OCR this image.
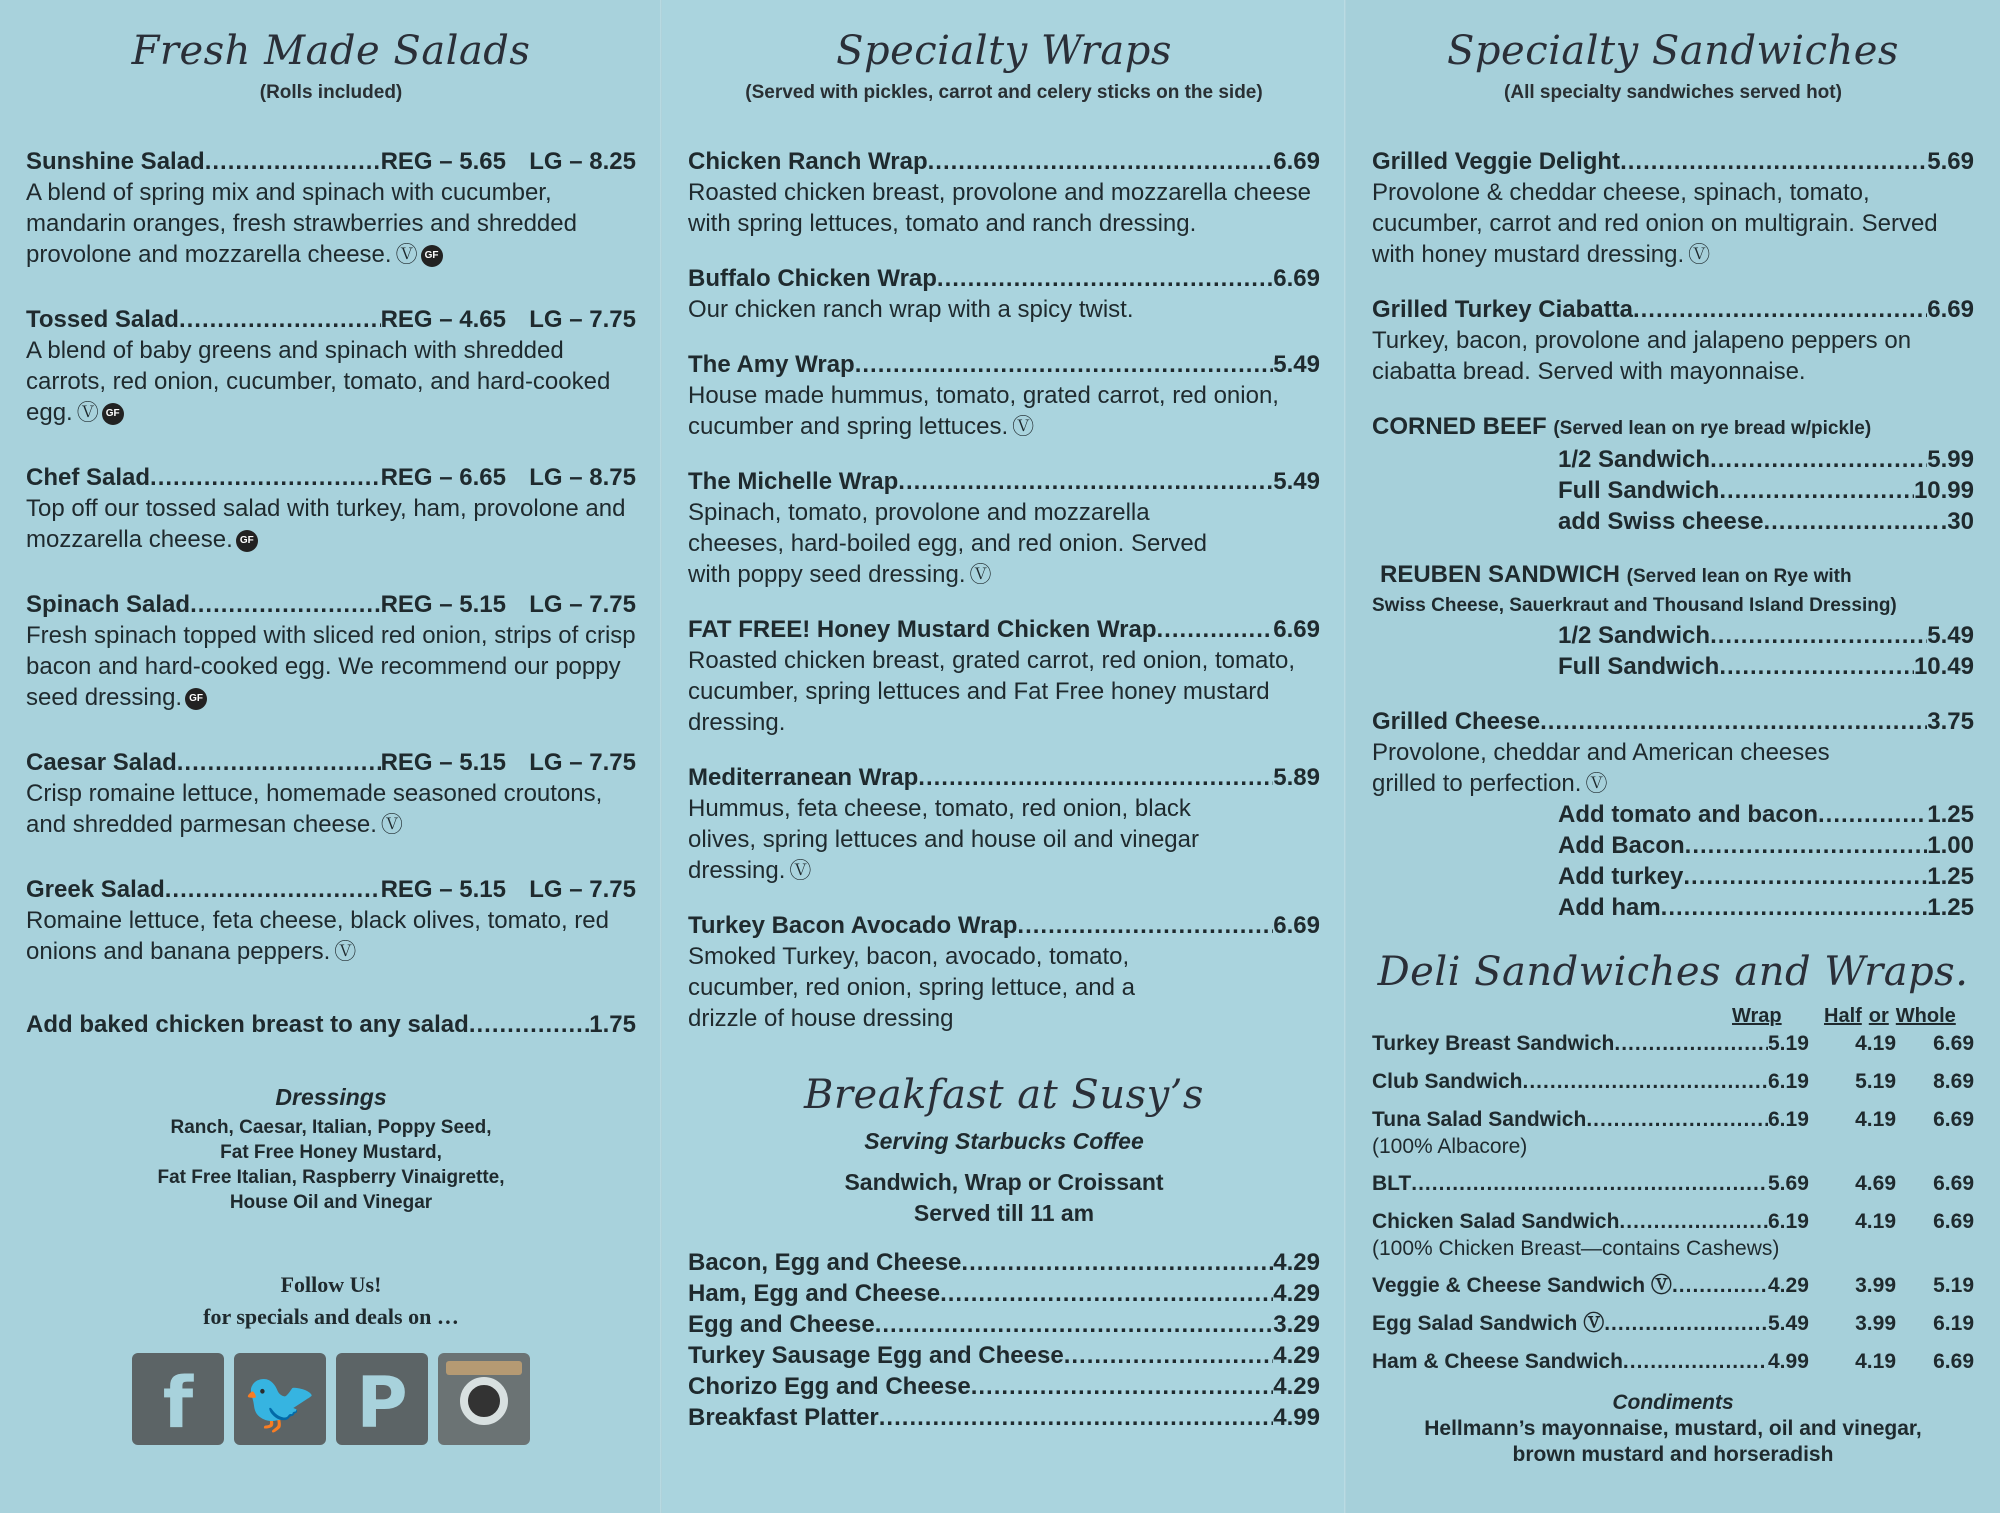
Fresh Made Salads
(Rolls included)
Sunshine Salad .....	REG – 5.65 LG – 8.25
A blend of spring mix and spinach with cucumber, mandarin oranges, fresh strawberries and shredded provolone and mozzarella cheese. Ⓥ GF
Tossed Salad .....	REG – 4.65 LG – 7.75
A blend of baby greens and spinach with shredded carrots, red onion, cucumber, tomato, and hard-cooked egg. Ⓥ GF
Chef Salad .....	REG – 6.65 LG – 8.75
Top off our tossed salad with turkey, ham, provolone and mozzarella cheese. GF
Spinach Salad .....	REG – 5.15 LG – 7.75
Fresh spinach topped with sliced red onion, strips of crisp bacon and hard-cooked egg. We recommend our poppy seed dressing. GF
Caesar Salad .....	REG – 5.15 LG – 7.75
Crisp romaine lettuce, homemade seasoned croutons, and shredded parmesan cheese. Ⓥ
Greek Salad .....	REG – 5.15 LG – 7.75
Romaine lettuce, feta cheese, black olives, tomato, red onions and banana peppers. Ⓥ
Add baked chicken breast to any salad .....	1.75
Dressings
Ranch, Caesar, Italian, Poppy Seed,
Fat Free Honey Mustard,
Fat Free Italian, Raspberry Vinaigrette,
House Oil and Vinegar
Follow Us!
for specials and deals on …
f 🐦 P
Specialty Wraps
(Served with pickles, carrot and celery sticks on the side)
Chicken Ranch Wrap .....	6.69
Roasted chicken breast, provolone and mozzarella cheese with spring lettuces, tomato and ranch dressing.
Buffalo Chicken Wrap .....	6.69
Our chicken ranch wrap with a spicy twist.
The Amy Wrap .....	5.49
House made hummus, tomato, grated carrot, red onion, cucumber and spring lettuces. Ⓥ
The Michelle Wrap .....	5.49
Spinach, tomato, provolone and mozzarella cheeses, hard-boiled egg, and red onion. Served with poppy seed dressing. Ⓥ
FAT FREE! Honey Mustard Chicken Wrap .....	6.69
Roasted chicken breast, grated carrot, red onion, tomato, cucumber, spring lettuces and Fat Free honey mustard dressing.
Mediterranean Wrap .....	5.89
Hummus, feta cheese, tomato, red onion, black olives, spring lettuces and house oil and vinegar dressing. Ⓥ
Turkey Bacon Avocado Wrap .....	6.69
Smoked Turkey, bacon, avocado, tomato, cucumber, red onion, spring lettuce, and a drizzle of house dressing
Breakfast at Susy’s
Serving Starbucks Coffee
Sandwich, Wrap or Croissant
Served till 11 am
Bacon, Egg and Cheese .....	4.29
Ham, Egg and Cheese .....	4.29
Egg and Cheese .....	3.29
Turkey Sausage Egg and Cheese .....	4.29
Chorizo Egg and Cheese .....	4.29
Breakfast Platter .....	4.99
Specialty Sandwiches
(All specialty sandwiches served hot)
Grilled Veggie Delight .....	5.69
Provolone & cheddar cheese, spinach, tomato, cucumber, carrot and red onion on multigrain. Served with honey mustard dressing. Ⓥ
Grilled Turkey Ciabatta .....	6.69
Turkey, bacon, provolone and jalapeno peppers on ciabatta bread. Served with mayonnaise.
CORNED BEEF (Served lean on rye bread w/pickle)
1/2 Sandwich .....	5.99
Full Sandwich .....	10.99
add Swiss cheese .....	.30
REUBEN SANDWICH (Served lean on Rye with
Swiss Cheese, Sauerkraut and Thousand Island Dressing)
1/2 Sandwich .....	5.49
Full Sandwich .....	10.49
Grilled Cheese .....	3.75
Provolone, cheddar and American cheeses grilled to perfection. Ⓥ
Add tomato and bacon .....	1.25
Add Bacon .....	1.00
Add turkey .....	1.25
Add ham .....	1.25
Deli Sandwiches and Wraps.
Wrap	Half or Whole
Turkey Breast Sandwich .....	5.19	4.19	6.69
Club Sandwich .....	6.19	5.19	8.69
Tuna Salad Sandwich .....	6.19	4.19	6.69
(100% Albacore)
BLT .....	5.69	4.69	6.69
Chicken Salad Sandwich .....	6.19	4.19	6.69
(100% Chicken Breast—contains Cashews)
Veggie & Cheese Sandwich Ⓥ .....	4.29	3.99	5.19
Egg Salad Sandwich Ⓥ .....	5.49	3.99	6.19
Ham & Cheese Sandwich .....	4.99	4.19	6.69
Condiments
Hellmann’s mayonnaise, mustard, oil and vinegar,
brown mustard and horseradish
